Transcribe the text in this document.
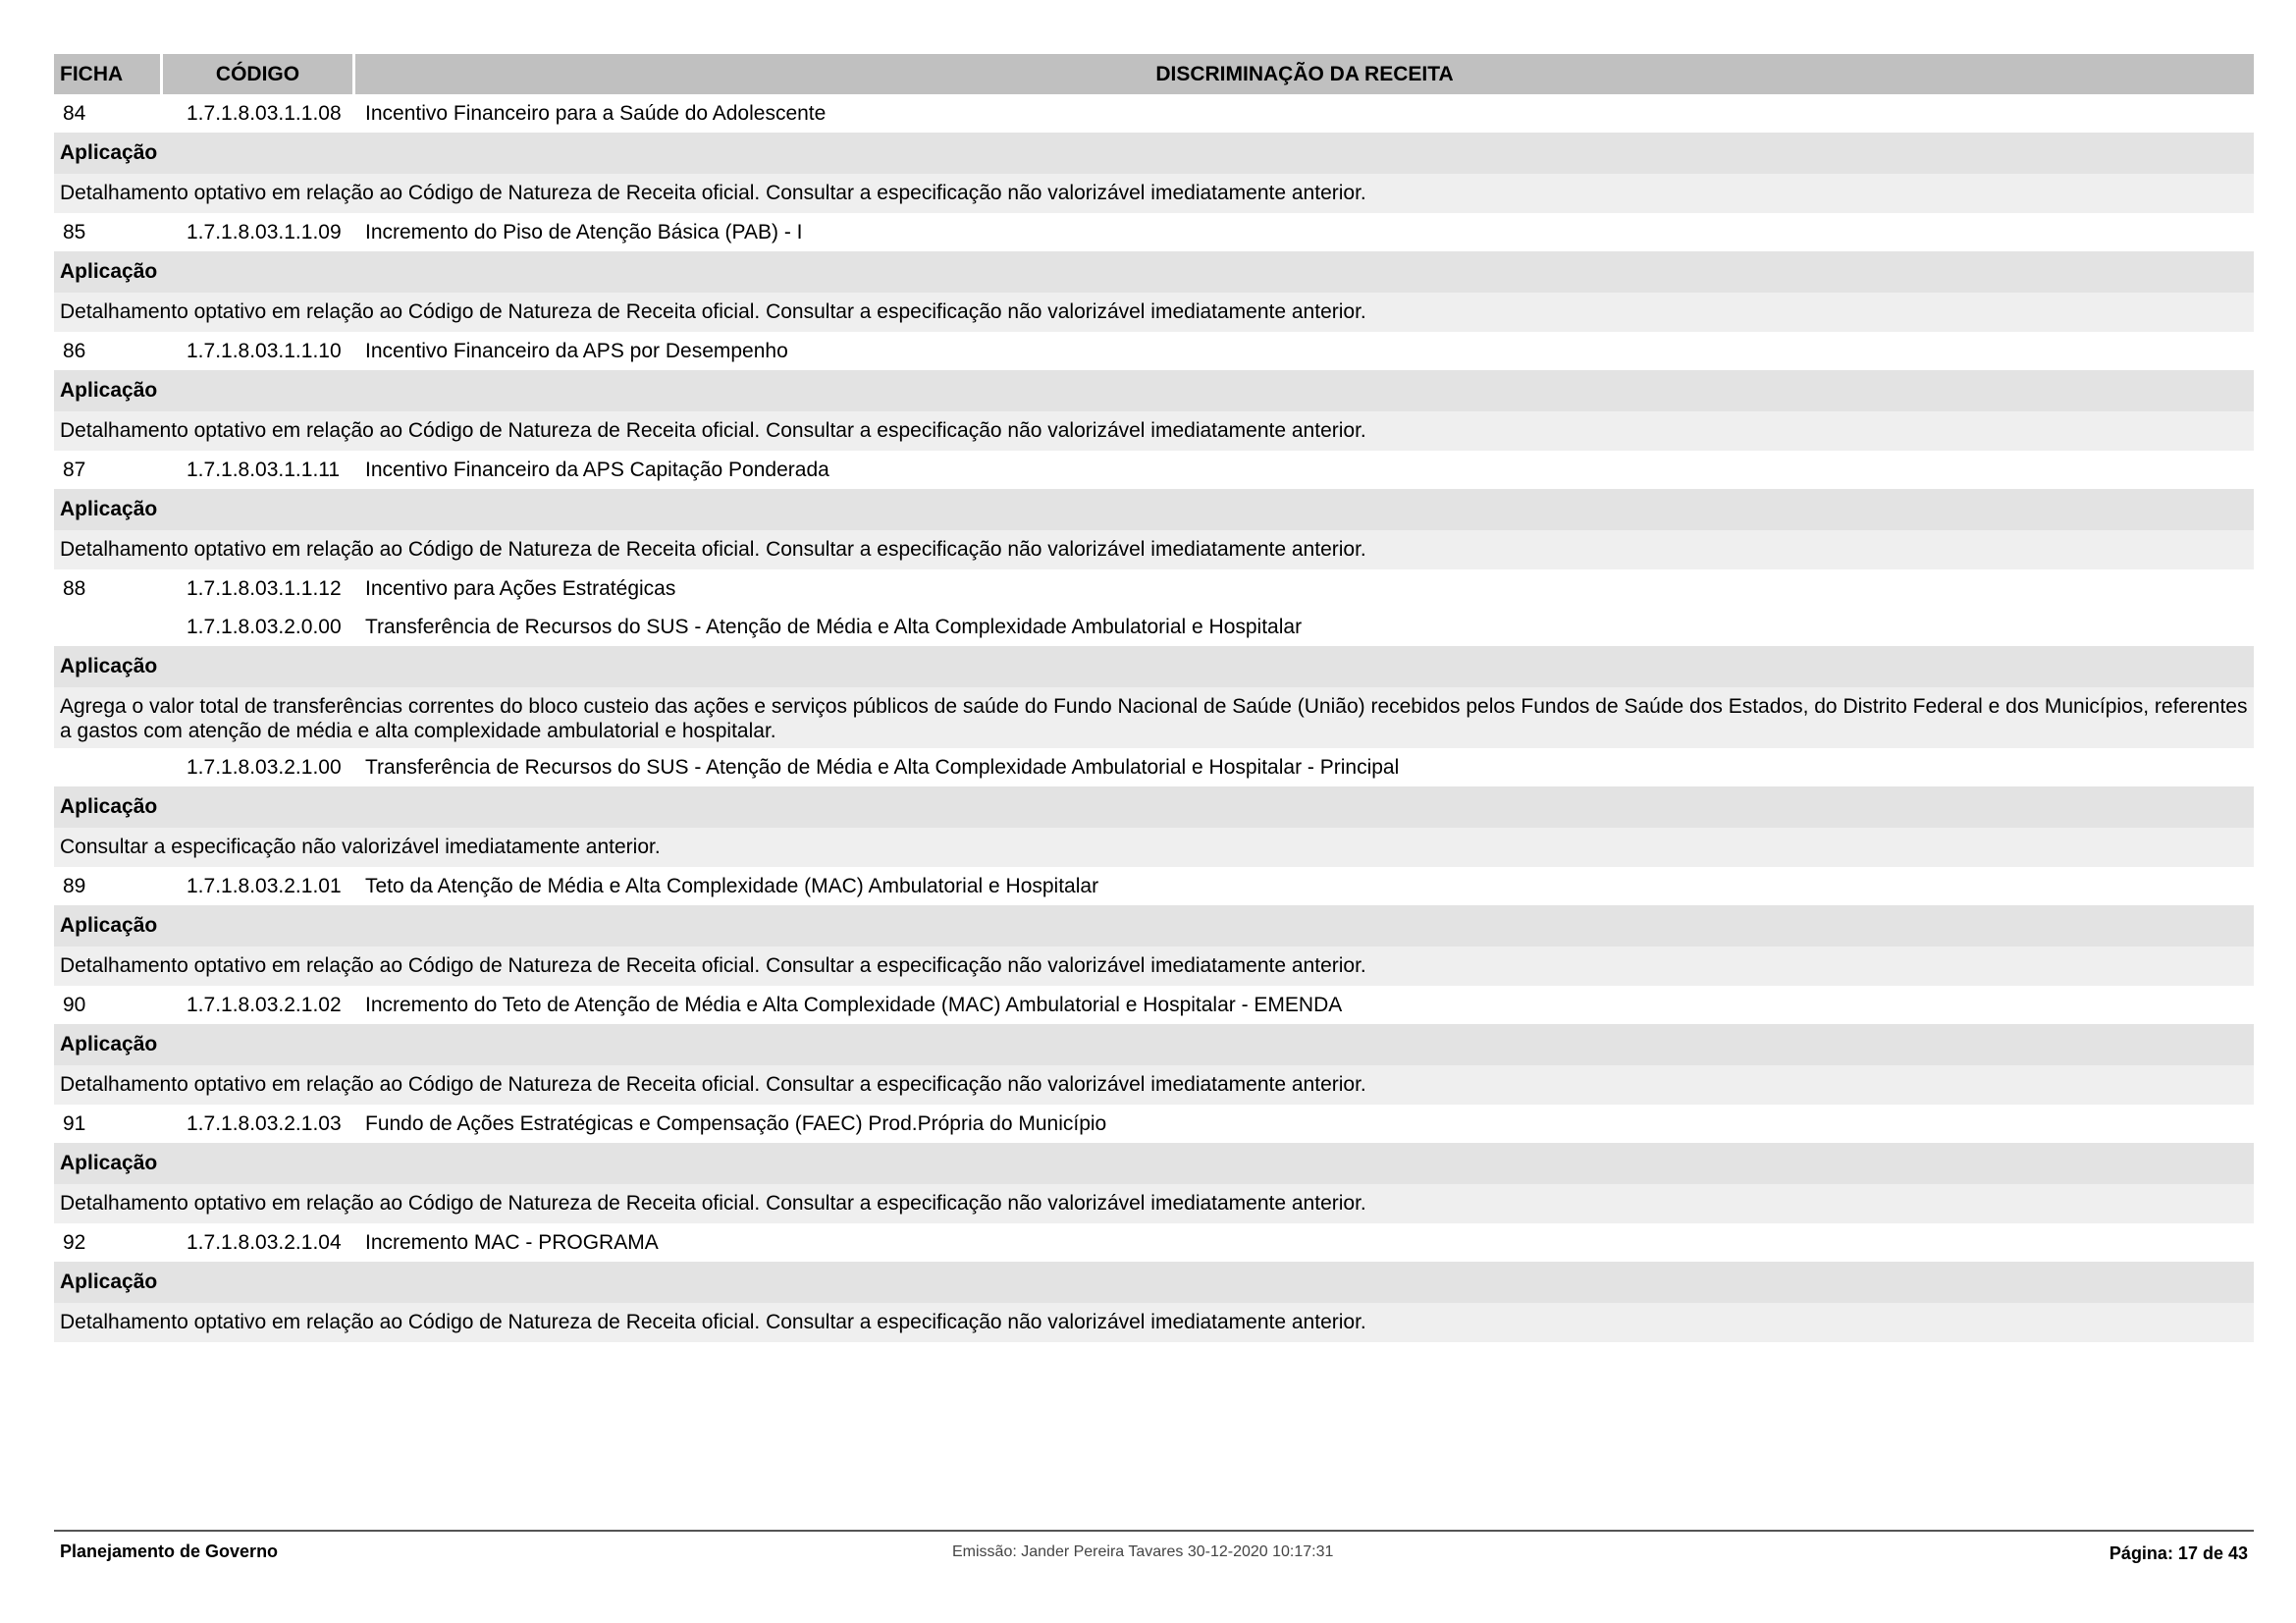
FICHA	CÓDIGO	DISCRIMINAÇÃO DA RECEITA
84	1.7.1.8.03.1.1.08	Incentivo Financeiro para a Saúde do Adolescente
Aplicação
Detalhamento optativo em relação ao Código de Natureza de Receita oficial. Consultar a especificação não valorizável imediatamente anterior.
85	1.7.1.8.03.1.1.09	Incremento do Piso de Atenção Básica (PAB) - I
Aplicação
Detalhamento optativo em relação ao Código de Natureza de Receita oficial. Consultar a especificação não valorizável imediatamente anterior.
86	1.7.1.8.03.1.1.10	Incentivo Financeiro da APS por Desempenho
Aplicação
Detalhamento optativo em relação ao Código de Natureza de Receita oficial. Consultar a especificação não valorizável imediatamente anterior.
87	1.7.1.8.03.1.1.11	Incentivo Financeiro da APS Capitação Ponderada
Aplicação
Detalhamento optativo em relação ao Código de Natureza de Receita oficial. Consultar a especificação não valorizável imediatamente anterior.
88	1.7.1.8.03.1.1.12	Incentivo para Ações Estratégicas
1.7.1.8.03.2.0.00	Transferência de Recursos do SUS - Atenção de Média e Alta Complexidade Ambulatorial e Hospitalar
Aplicação
Agrega o valor total de transferências correntes do bloco custeio das ações e serviços públicos de saúde do Fundo Nacional de Saúde (União) recebidos pelos Fundos de Saúde dos Estados, do Distrito Federal e dos Municípios, referentes a gastos com atenção de média e alta complexidade ambulatorial e hospitalar.
1.7.1.8.03.2.1.00	Transferência de Recursos do SUS - Atenção de Média e Alta Complexidade Ambulatorial e Hospitalar - Principal
Aplicação
Consultar a especificação não valorizável imediatamente anterior.
89	1.7.1.8.03.2.1.01	Teto da Atenção de Média e Alta Complexidade (MAC) Ambulatorial e Hospitalar
Aplicação
Detalhamento optativo em relação ao Código de Natureza de Receita oficial. Consultar a especificação não valorizável imediatamente anterior.
90	1.7.1.8.03.2.1.02	Incremento do Teto de Atenção de Média e Alta Complexidade (MAC) Ambulatorial e Hospitalar - EMENDA
Aplicação
Detalhamento optativo em relação ao Código de Natureza de Receita oficial. Consultar a especificação não valorizável imediatamente anterior.
91	1.7.1.8.03.2.1.03	Fundo de Ações Estratégicas e Compensação (FAEC) Prod.Própria do Município
Aplicação
Detalhamento optativo em relação ao Código de Natureza de Receita oficial. Consultar a especificação não valorizável imediatamente anterior.
92	1.7.1.8.03.2.1.04	Incremento MAC - PROGRAMA
Aplicação
Detalhamento optativo em relação ao Código de Natureza de Receita oficial. Consultar a especificação não valorizável imediatamente anterior.
Planejamento de Governo	Emissão: Jander Pereira Tavares 30-12-2020 10:17:31	Página: 17 de 43
